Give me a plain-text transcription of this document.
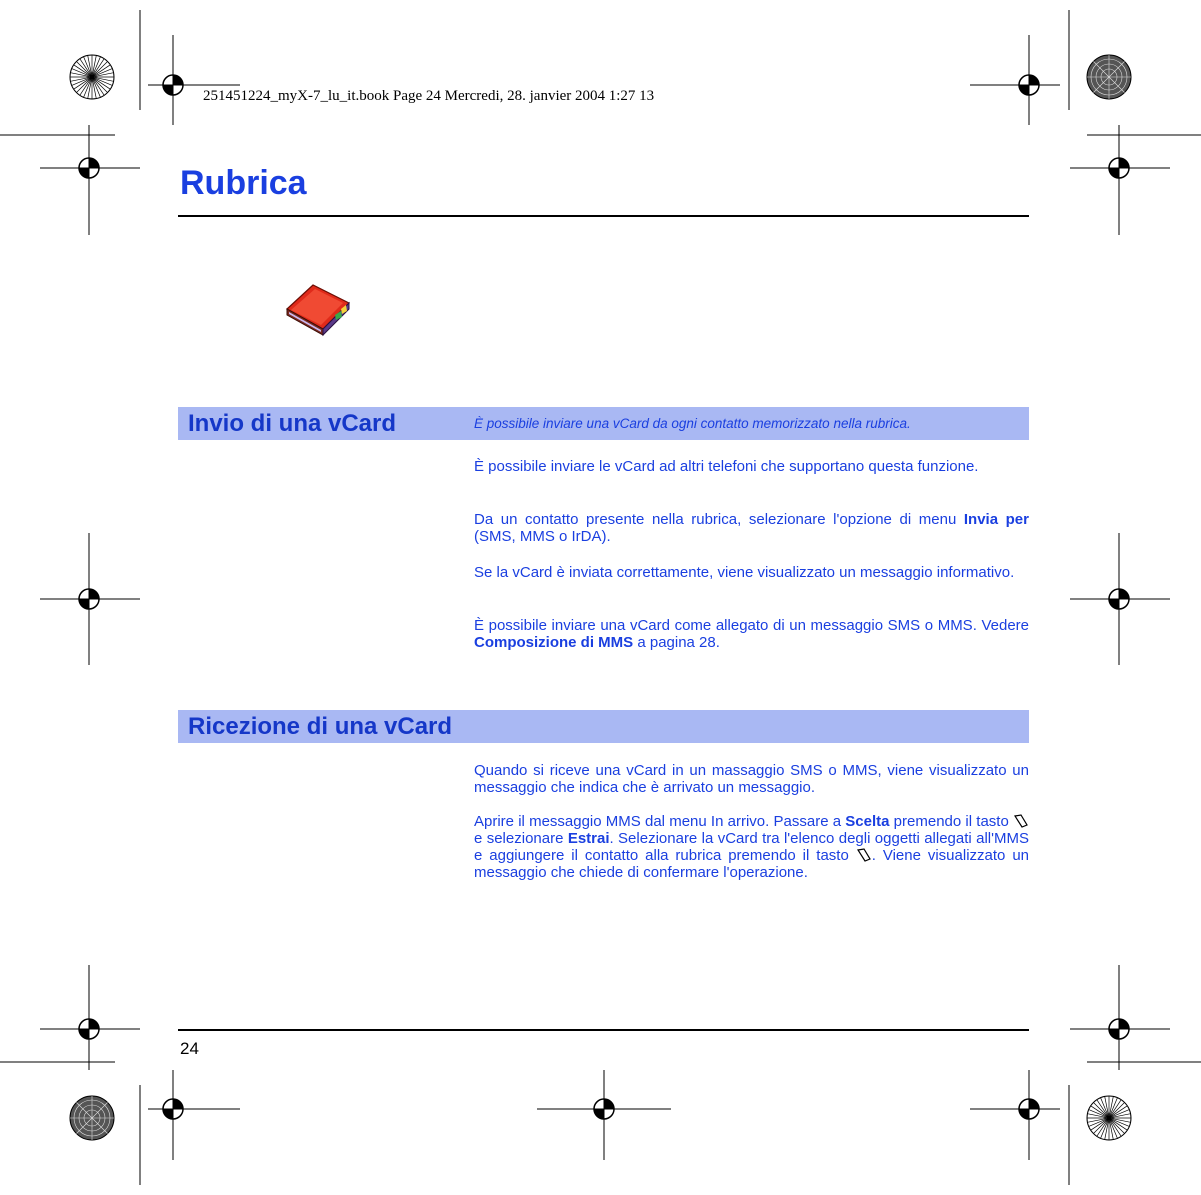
251451224_myX-7_lu_it.book Page 24 Mercredi, 28. janvier 2004 1:27 13
Rubrica
Invio di una vCard	È possibile inviare una vCard da ogni contatto memorizzato nella rubrica.

È possibile inviare le vCard ad altri telefoni che supportano questa funzione.

Da un contatto presente nella rubrica, selezionare l'opzione di menu Invia per (SMS, MMS o IrDA).

Se la vCard è inviata correttamente, viene visualizzato un messaggio informativo.

È possibile inviare una vCard come allegato di un messaggio SMS o MMS. Vedere Composizione di MMS a pagina 28.

Ricezione di una vCard

Quando si riceve una vCard in un massaggio SMS o MMS, viene visualizzato un messaggio che indica che è arrivato un messaggio.

Aprire il messaggio MMS dal menu In arrivo. Passare a Scelta premendo il tasto  e selezionare Estrai. Selezionare la vCard tra l'elenco degli oggetti allegati all'MMS e aggiungere il contatto alla rubrica premendo il tasto . Viene visualizzato un messaggio che chiede di confermare l'operazione.

24
